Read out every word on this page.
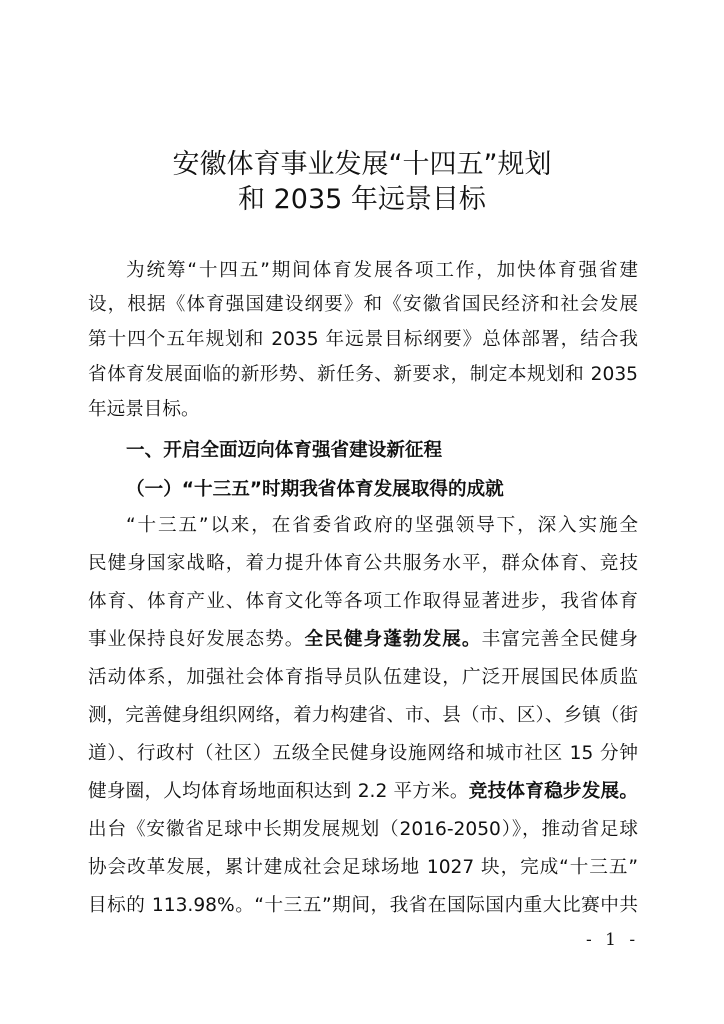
安徽体育事业发展“十四五”规划
和 2035 年远景目标
为统筹“十四五”期间体育发展各项工作，加快体育强省建
设，根据《体育强国建设纲要》和《安徽省国民经济和社会发展
第十四个五年规划和 2035 年远景目标纲要》总体部署，结合我
省体育发展面临的新形势、新任务、新要求，制定本规划和 2035
年远景目标。
一、开启全面迈向体育强省建设新征程
（一）“十三五”时期我省体育发展取得的成就
“十三五”以来，在省委省政府的坚强领导下，深入实施全
民健身国家战略，着力提升体育公共服务水平，群众体育、竞技
体育、体育产业、体育文化等各项工作取得显著进步，我省体育
事业保持良好发展态势。全民健身蓬勃发展。丰富完善全民健身
活动体系，加强社会体育指导员队伍建设，广泛开展国民体质监
测，完善健身组织网络，着力构建省、市、县（市、区）、乡镇（街
道）、行政村（社区）五级全民健身设施网络和城市社区 15 分钟
健身圈，人均体育场地面积达到 2.2 平方米。竞技体育稳步发展。
出台《安徽省足球中长期发展规划（2016-2050）》，推动省足球
协会改革发展，累计建成社会足球场地 1027 块，完成“十三五”
目标的 113.98%。“十三五”期间，我省在国际国内重大比赛中共
- 1 -
